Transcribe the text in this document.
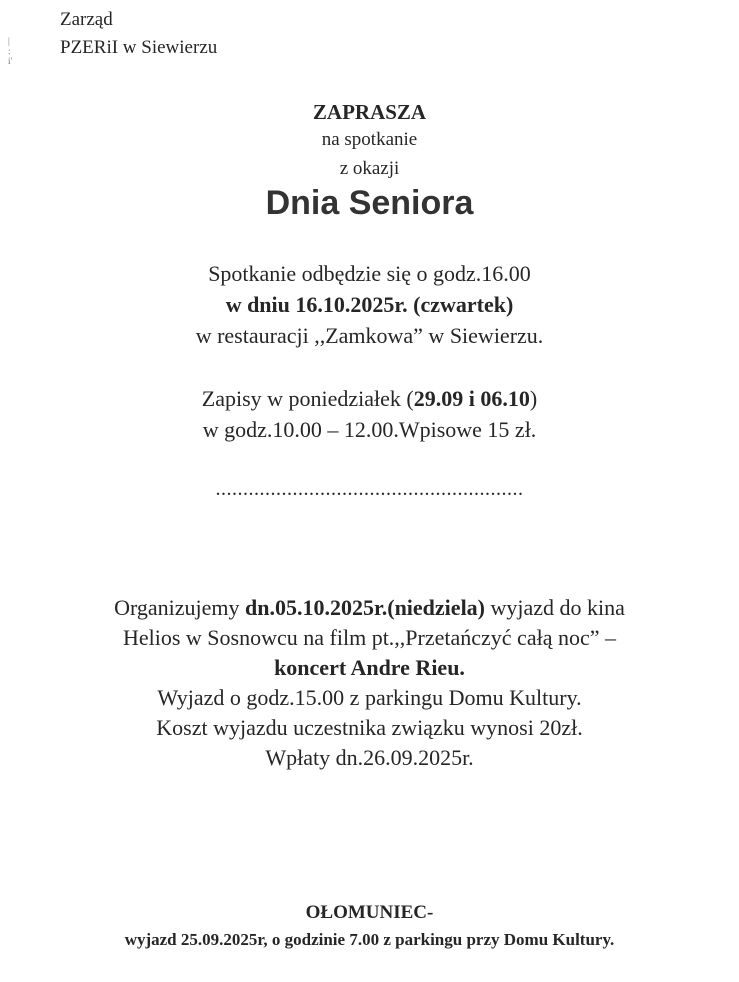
Zarząd
PZERiI w Siewierzu
|
:
i'
ZAPRASZA
na spotkanie
z okazji
Dnia Seniora
Spotkanie odbędzie się o godz.16.00
w dniu 16.10.2025r. (czwartek)
w restauracji ,,Zamkowa” w Siewierzu.
Zapisy w poniedziałek (29.09 i 06.10)
w godz.10.00 – 12.00.Wpisowe 15 zł.
........................................................
Organizujemy dn.05.10.2025r.(niedziela) wyjazd do kina
Helios w Sosnowcu na film pt.,,Przetańczyć całą noc” –
koncert Andre Rieu.
Wyjazd o godz.15.00 z parkingu Domu Kultury.
Koszt wyjazdu uczestnika związku wynosi 20zł.
Wpłaty dn.26.09.2025r.
OŁOMUNIEC-
wyjazd 25.09.2025r, o godzinie 7.00 z parkingu przy Domu Kultury.
